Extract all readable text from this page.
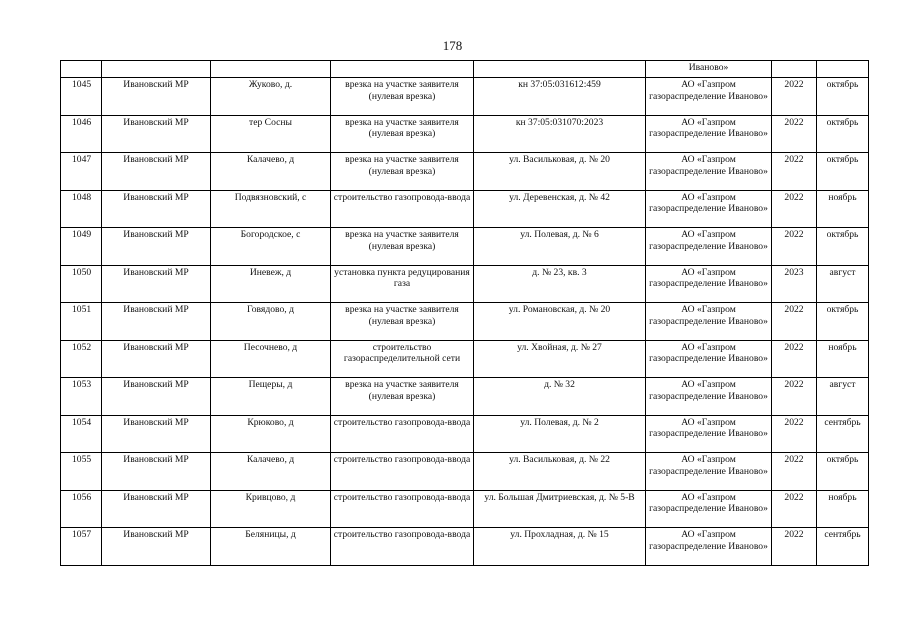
178
					Иваново»		
1045	Ивановский МР	Жуково, д.	врезка на участке заявителя (нулевая врезка)	кн 37:05:031612:459	АО «Газпром газораспределение Иваново»	2022	октябрь
1046	Ивановский МР	тер Сосны	врезка на участке заявителя (нулевая врезка)	кн 37:05:031070:2023	АО «Газпром газораспределение Иваново»	2022	октябрь
1047	Ивановский МР	Калачево, д	врезка на участке заявителя (нулевая врезка)	ул. Васильковая, д. № 20	АО «Газпром газораспределение Иваново»	2022	октябрь
1048	Ивановский МР	Подвязновский, с	строительство газопровода-ввода	ул. Деревенская, д. № 42	АО «Газпром газораспределение Иваново»	2022	ноябрь
1049	Ивановский МР	Богородское, с	врезка на участке заявителя (нулевая врезка)	ул. Полевая, д. № 6	АО «Газпром газораспределение Иваново»	2022	октябрь
1050	Ивановский МР	Иневеж, д	установка пункта редуцирования газа	д. № 23, кв. 3	АО «Газпром газораспределение Иваново»	2023	август
1051	Ивановский МР	Говядово, д	врезка на участке заявителя (нулевая врезка)	ул. Романовская, д. № 20	АО «Газпром газораспределение Иваново»	2022	октябрь
1052	Ивановский МР	Песочнево, д	строительство газораспределительной сети	ул. Хвойная, д. № 27	АО «Газпром газораспределение Иваново»	2022	ноябрь
1053	Ивановский МР	Пещеры, д	врезка на участке заявителя (нулевая врезка)	д. № 32	АО «Газпром газораспределение Иваново»	2022	август
1054	Ивановский МР	Крюково, д	строительство газопровода-ввода	ул. Полевая, д. № 2	АО «Газпром газораспределение Иваново»	2022	сентябрь
1055	Ивановский МР	Калачево, д	строительство газопровода-ввода	ул. Васильковая, д. № 22	АО «Газпром газораспределение Иваново»	2022	октябрь
1056	Ивановский МР	Кривцово, д	строительство газопровода-ввода	ул. Большая Дмитриевская, д. № 5-В	АО «Газпром газораспределение Иваново»	2022	ноябрь
1057	Ивановский МР	Беляницы, д	строительство газопровода-ввода	ул. Прохладная, д. № 15	АО «Газпром газораспределение Иваново»	2022	сентябрь
